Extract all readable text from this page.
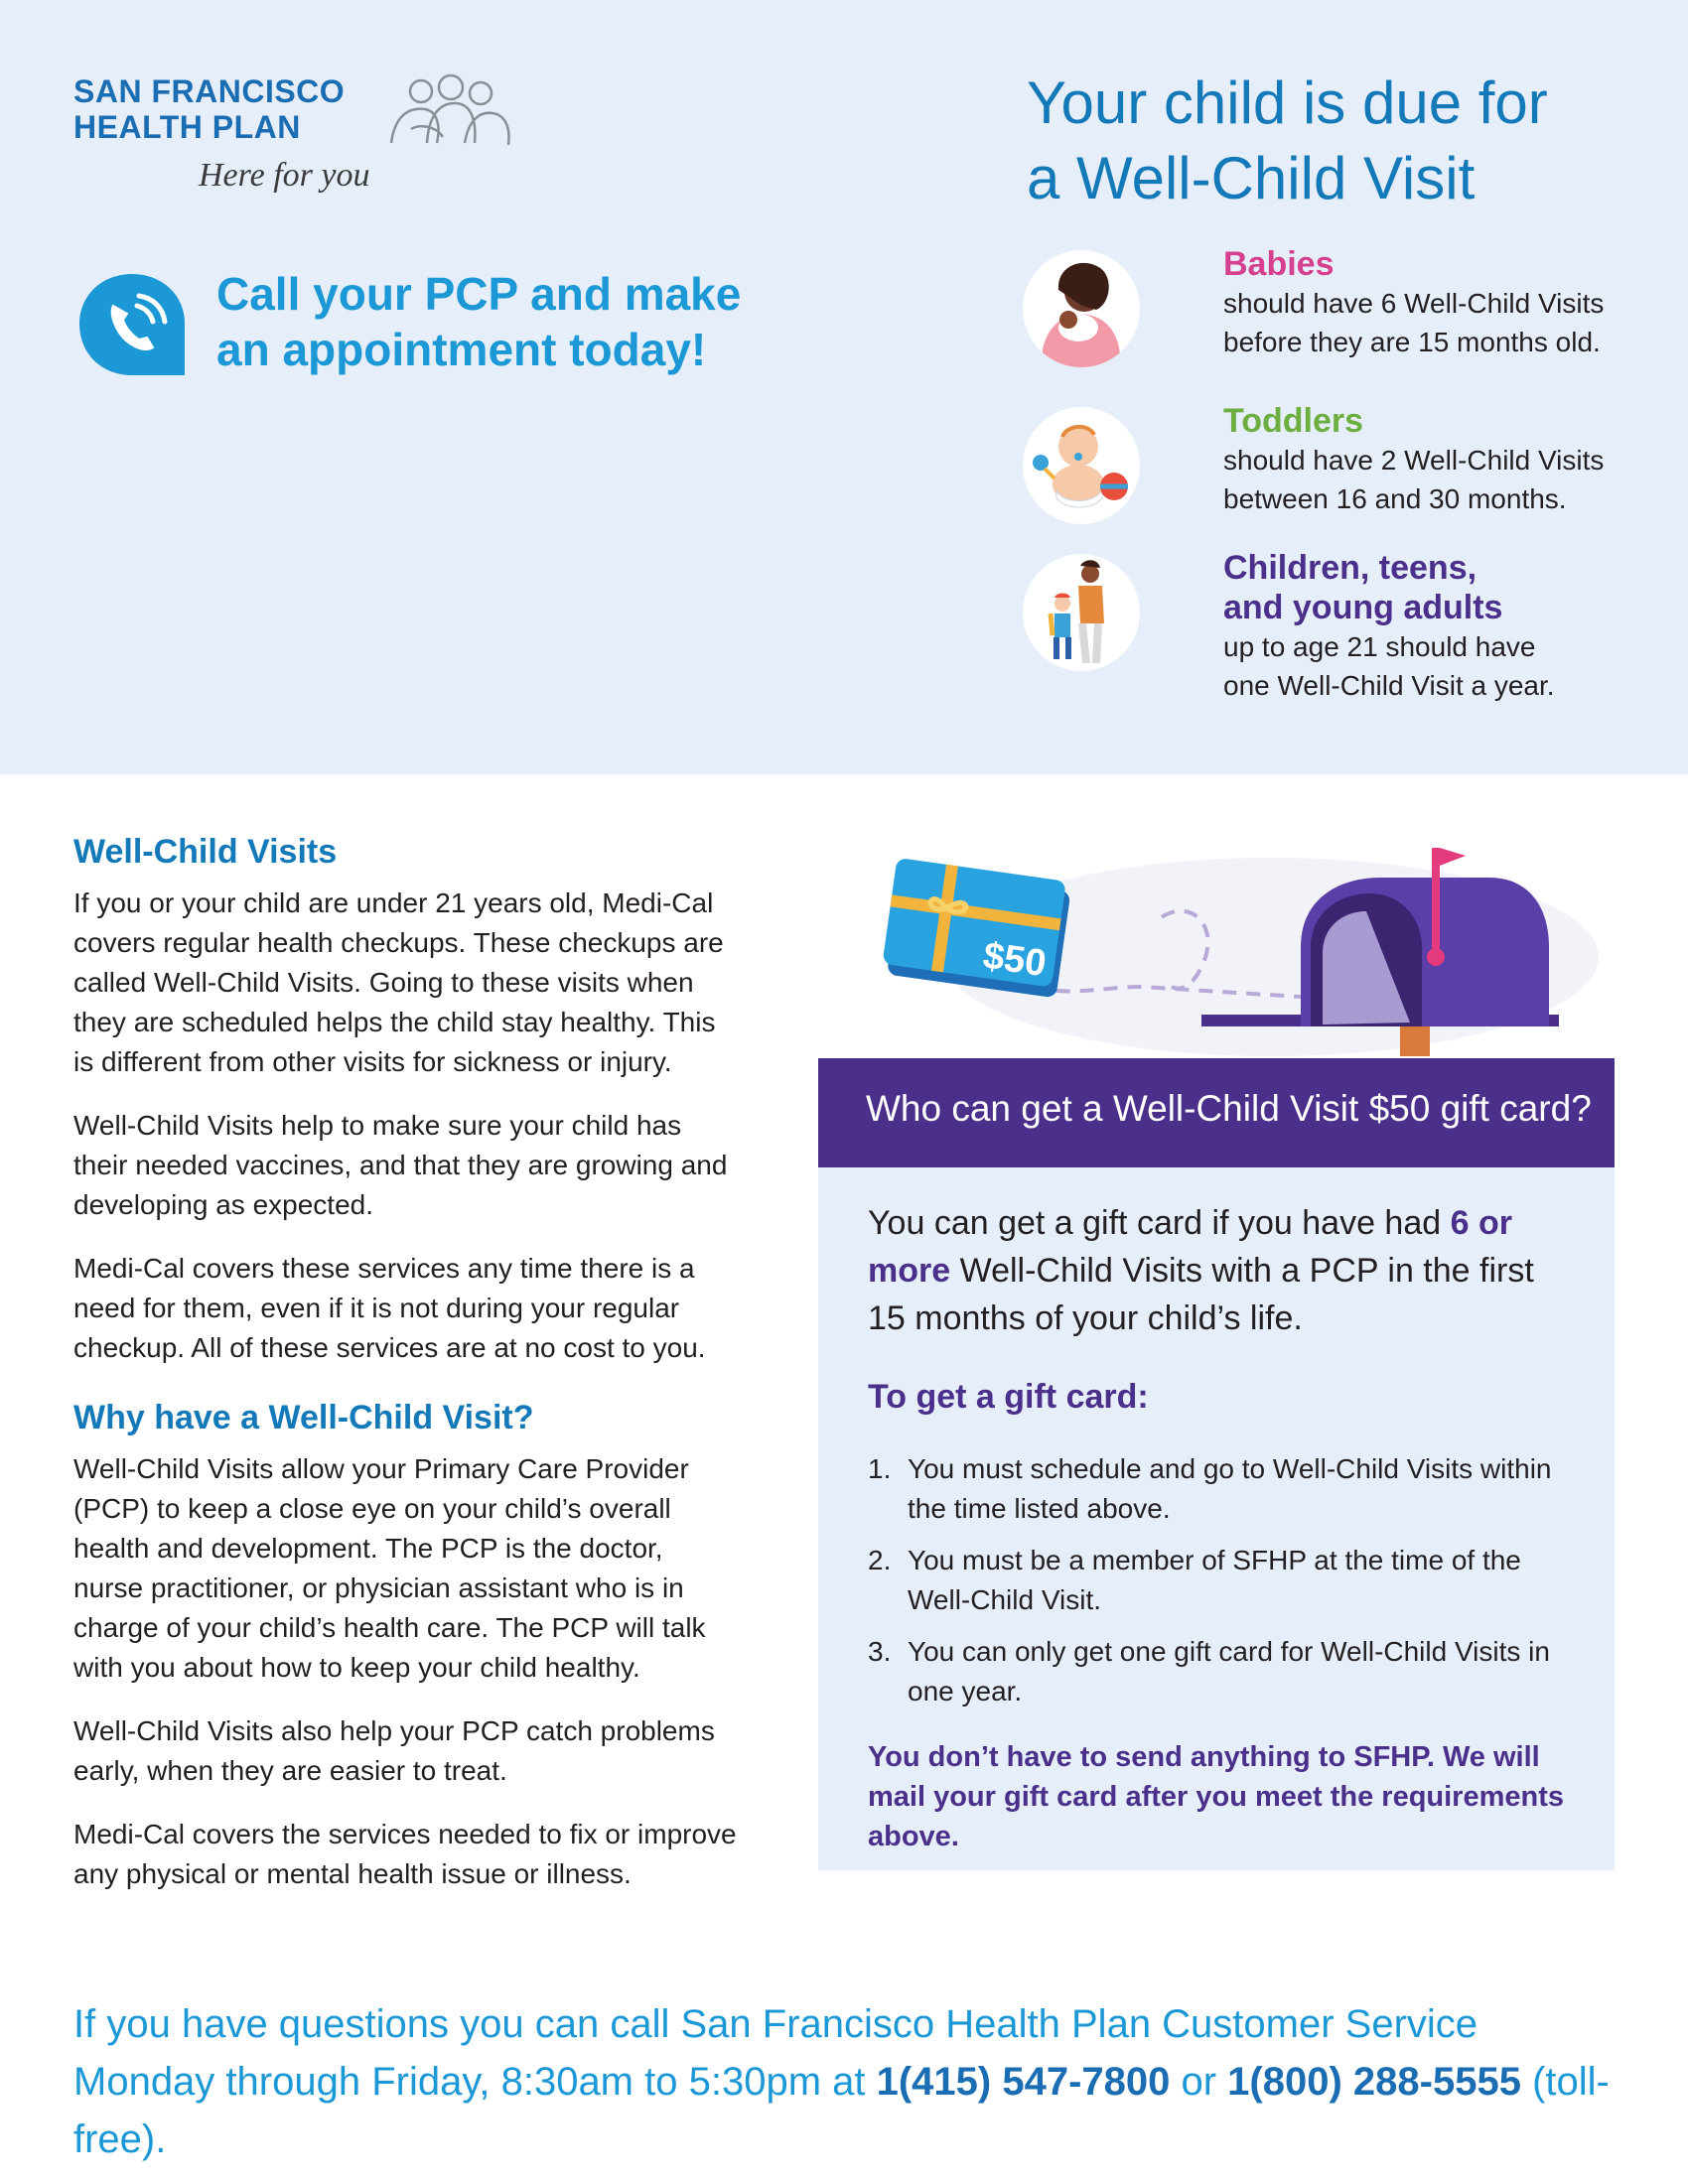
SAN FRANCISCO
HEALTH PLAN
Here for you
Call your PCP and make
an appointment today!
Your child is due for
a Well-Child Visit
Babies
should have 6 Well-Child Visits
before they are 15 months old.
Toddlers
should have 2 Well-Child Visits
between 16 and 30 months.
Children, teens,
and young adults
up to age 21 should have
one Well-Child Visit a year.
Well-Child Visits

If you or your child are under 21 years old, Medi-Cal covers regular health checkups. These checkups are called Well-Child Visits. Going to these visits when they are scheduled helps the child stay healthy. This is different from other visits for sickness or injury.

Well-Child Visits help to make sure your child has their needed vaccines, and that they are growing and developing as expected.

Medi-Cal covers these services any time there is a need for them, even if it is not during your regular checkup. All of these services are at no cost to you.

Why have a Well-Child Visit?

Well-Child Visits allow your Primary Care Provider (PCP) to keep a close eye on your child’s overall health and development. The PCP is the doctor, nurse practitioner, or physician assistant who is in charge of your child’s health care. The PCP will talk with you about how to keep your child healthy.

Well-Child Visits also help your PCP catch problems early, when they are easier to treat.

Medi-Cal covers the services needed to fix or improve any physical or mental health issue or illness.

$50
Who can get a Well-Child Visit $50 gift card?
You can get a gift card if you have had 6 or more Well-Child Visits with a PCP in the first 15 months of your child’s life.
To get a gift card:
1. You must schedule and go to Well-Child Visits within the time listed above.
2. You must be a member of SFHP at the time of the Well-Child Visit.
3. You can only get one gift card for Well-Child Visits in one year.
You don’t have to send anything to SFHP. We will mail your gift card after you meet the requirements above.
If you have questions you can call San Francisco Health Plan Customer Service Monday through Friday, 8:30am to 5:30pm at 1(415) 547-7800 or 1(800) 288-5555 (toll-free).
